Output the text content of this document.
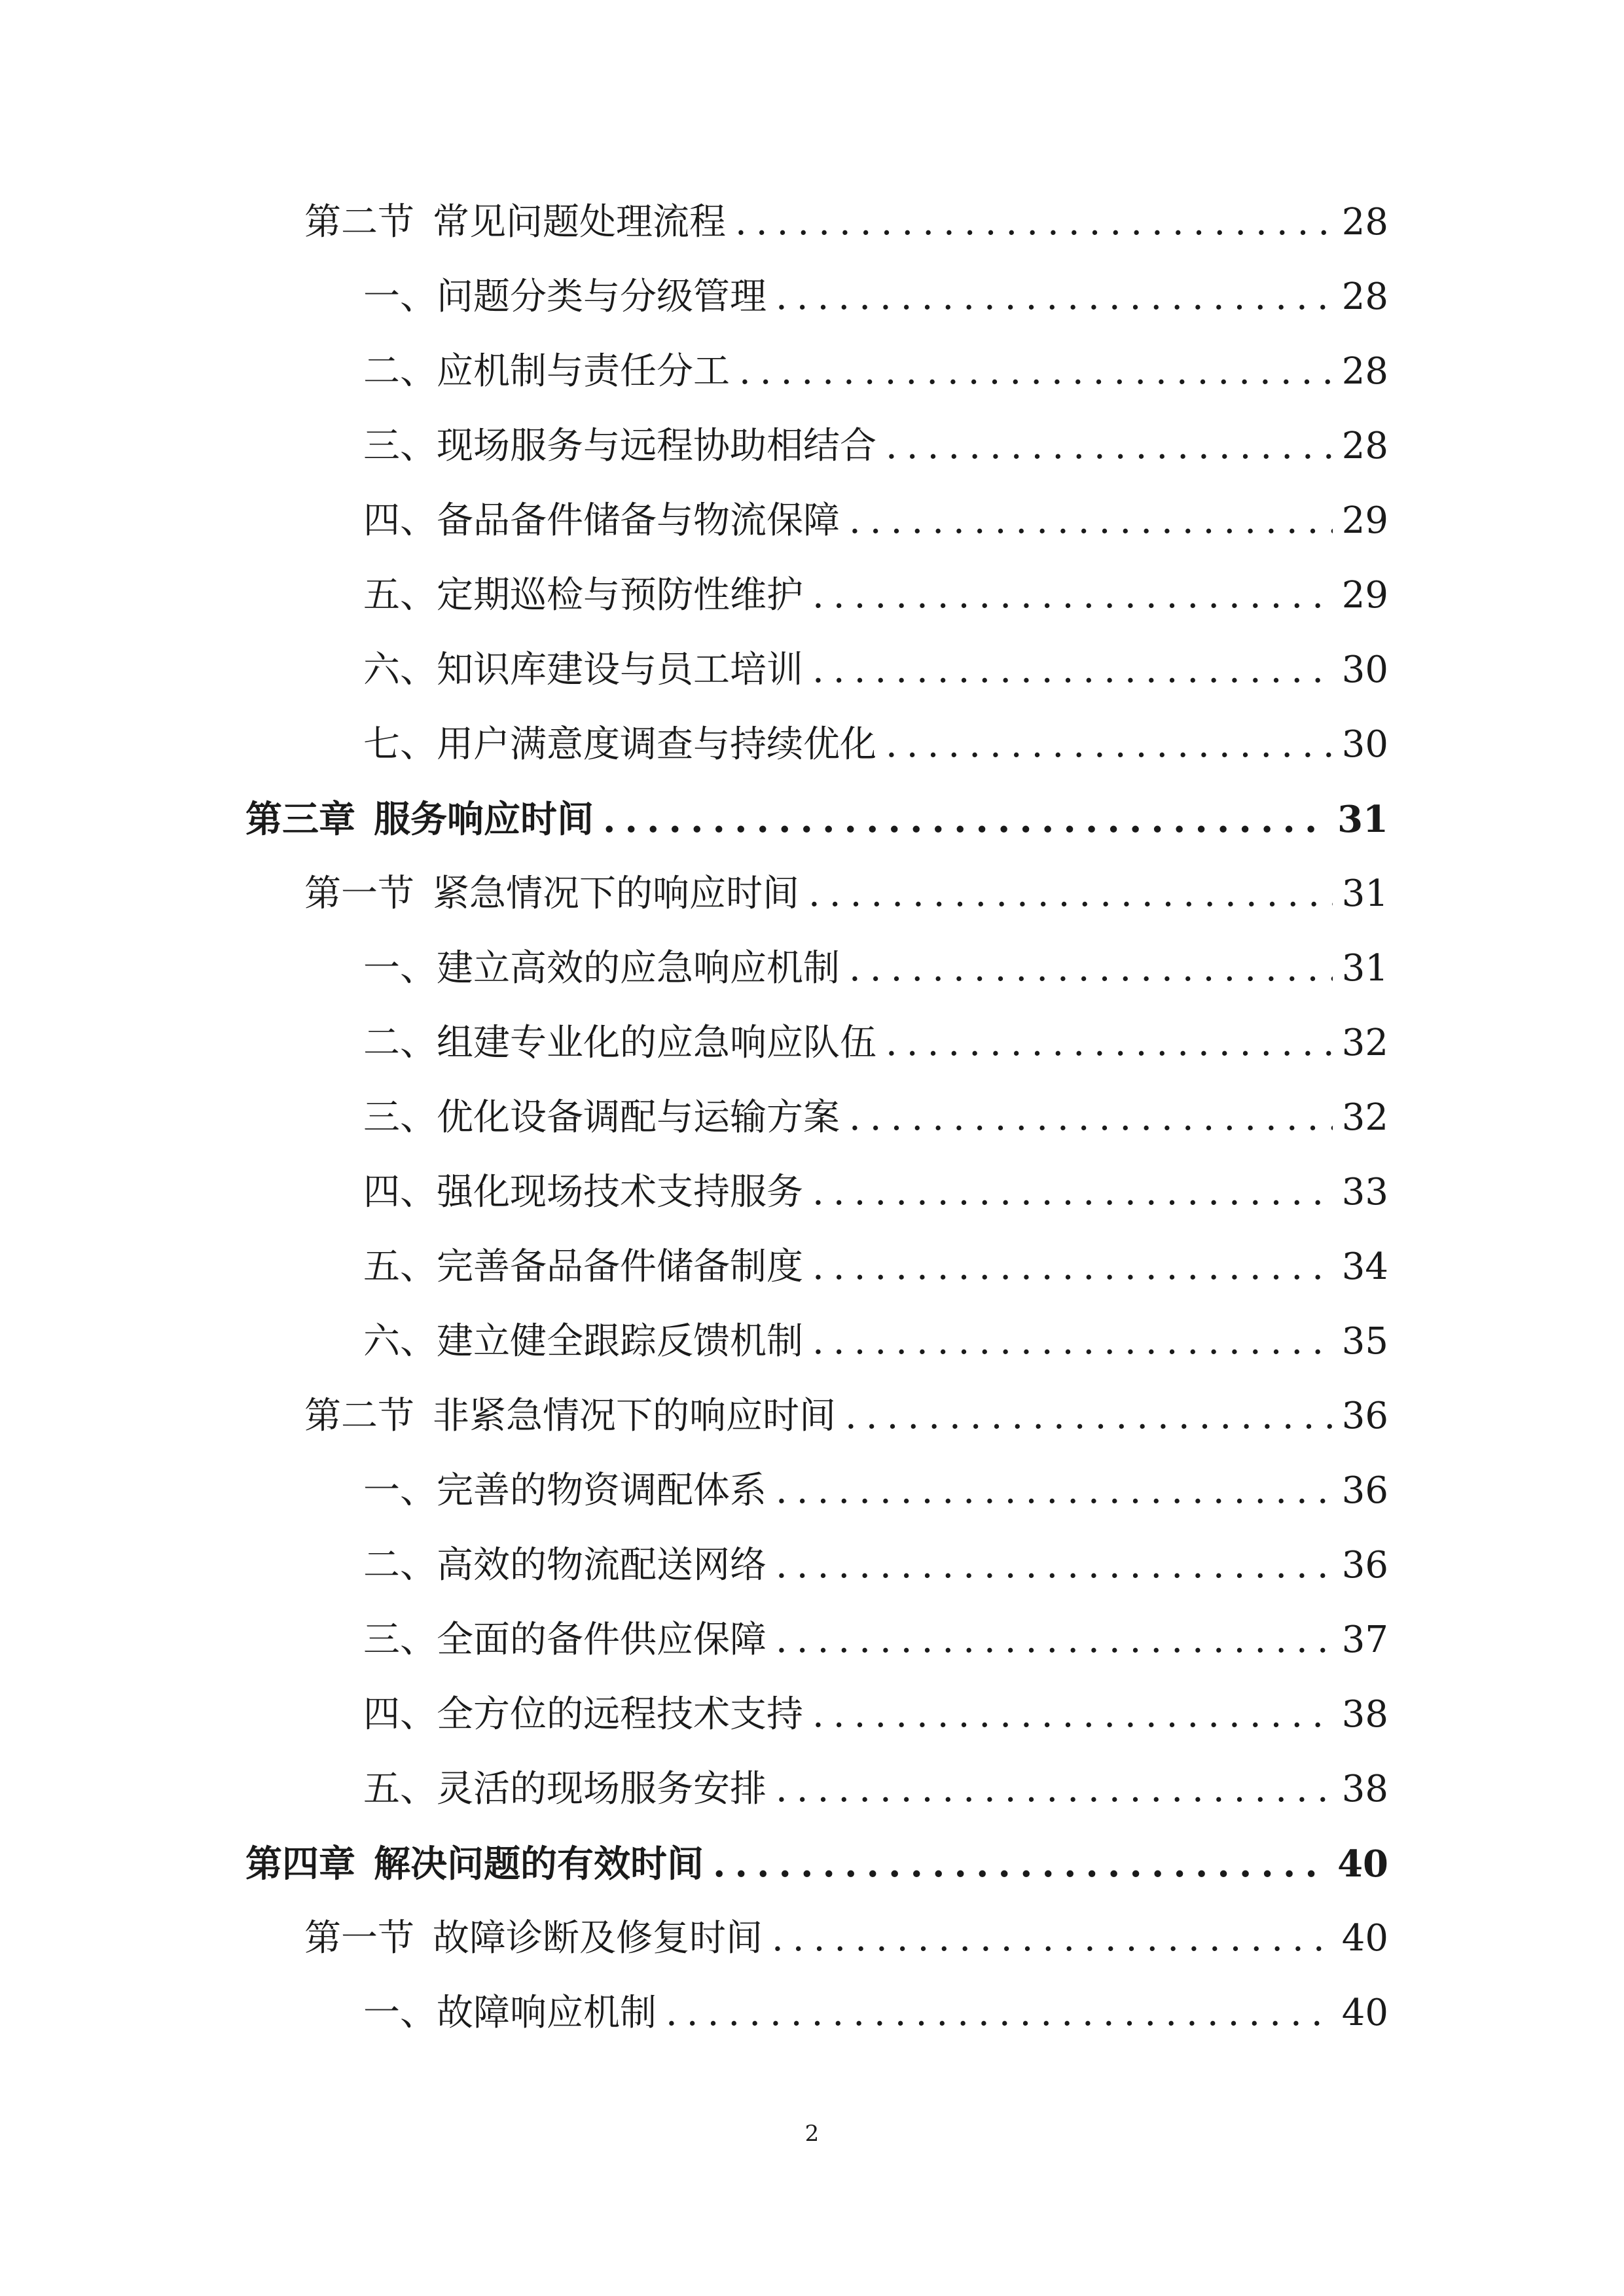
第二节 常见问题处理流程 .....	28
一、 问题分类与分级管理 .....	28
二、 应机制与责任分工 .....	28
三、 现场服务与远程协助相结合 .....	28
四、 备品备件储备与物流保障 .....	29
五、 定期巡检与预防性维护 .....	29
六、 知识库建设与员工培训 .....	30
七、 用户满意度调查与持续优化 .....	30
第三章 服务响应时间 .....	31
第一节 紧急情况下的响应时间 .....	31
一、 建立高效的应急响应机制 .....	31
二、 组建专业化的应急响应队伍 .....	32
三、 优化设备调配与运输方案 .....	32
四、 强化现场技术支持服务 .....	33
五、 完善备品备件储备制度 .....	34
六、 建立健全跟踪反馈机制 .....	35
第二节 非紧急情况下的响应时间 .....	36
一、 完善的物资调配体系 .....	36
二、 高效的物流配送网络 .....	36
三、 全面的备件供应保障 .....	37
四、 全方位的远程技术支持 .....	38
五、 灵活的现场服务安排 .....	38
第四章 解决问题的有效时间 .....	40
第一节 故障诊断及修复时间 .....	40
一、 故障响应机制 .....	40
2
